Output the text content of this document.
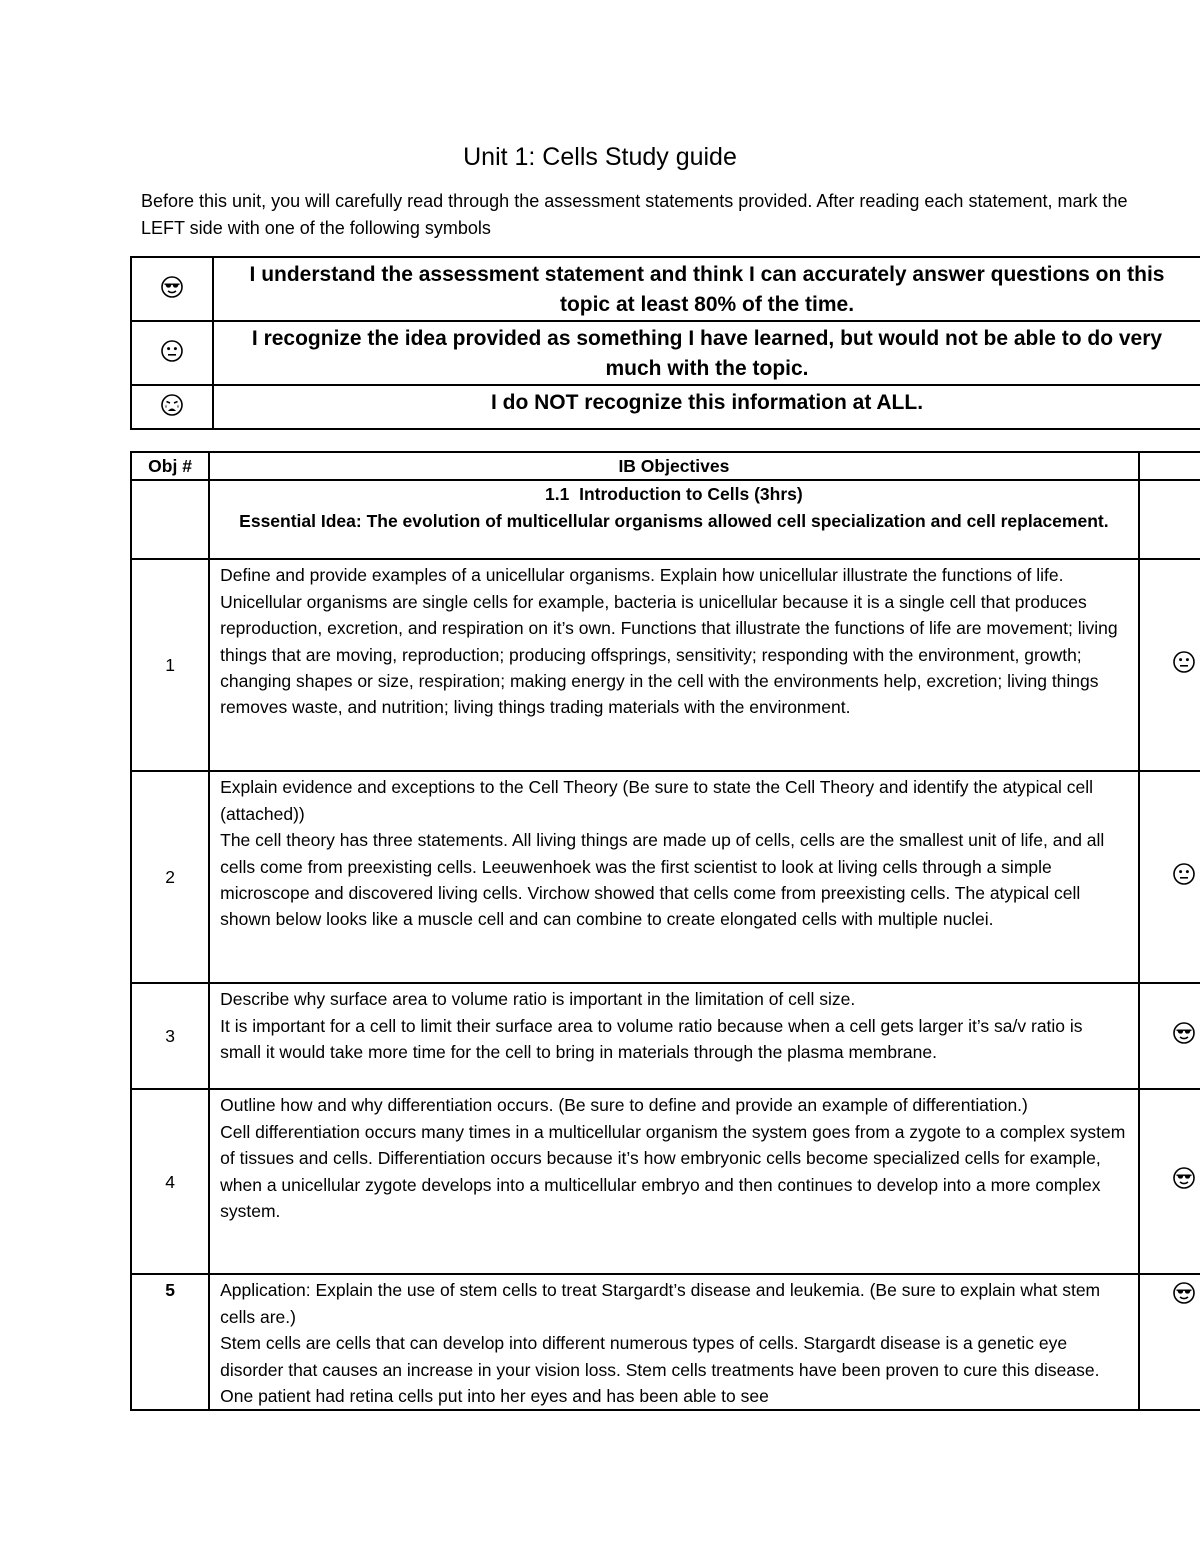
Unit 1: Cells Study guide
Before this unit, you will carefully read through the assessment statements provided. After reading each statement, mark the LEFT side with one of the following symbols
	I understand the assessment statement and think I can accurately answer questions on this topic at least 80% of the time.

	I recognize the idea provided as something I have learned, but would not be able to do very much with the topic.

	I do NOT recognize this information at ALL.
Obj #	IB Objectives	

	1.1  Introduction to Cells (3hrs)
Essential Idea: The evolution of multicellular organisms allowed cell specialization and cell replacement.	

1	Define and provide examples of a unicellular organisms. Explain how unicellular illustrate the functions of life.
Unicellular organisms are single cells for example, bacteria is unicellular because it is a single cell that produces reproduction, excretion, and respiration on it’s own. Functions that illustrate the functions of life are movement; living things that are moving, reproduction; producing offsprings, sensitivity; responding with the environment, growth; changing shapes or size, respiration; making energy in the cell with the environments help, excretion; living things removes waste, and nutrition; living things trading materials with the environment.

2	Explain evidence and exceptions to the Cell Theory (Be sure to state the Cell Theory and identify the atypical cell (attached))
The cell theory has three statements. All living things are made up of cells, cells are the smallest unit of life, and all cells come from preexisting cells. Leeuwenhoek was the first scientist to look at living cells through a simple microscope and discovered living cells. Virchow showed that cells come from preexisting cells. The atypical cell shown below looks like a muscle cell and can combine to create elongated cells with multiple nuclei.

3	Describe why surface area to volume ratio is important in the limitation of cell size.
It is important for a cell to limit their surface area to volume ratio because when a cell gets larger it’s sa/v ratio is small it would take more time for the cell to bring in materials through the plasma membrane.

4	Outline how and why differentiation occurs. (Be sure to define and provide an example of differentiation.)
Cell differentiation occurs many times in a multicellular organism the system goes from a zygote to a complex system of tissues and cells. Differentiation occurs because it’s how embryonic cells become specialized cells for example, when a unicellular zygote develops into a multicellular embryo and then continues to develop into a more complex system.

5	Application: Explain the use of stem cells to treat Stargardt’s disease and leukemia. (Be sure to explain what stem cells are.)
Stem cells are cells that can develop into different numerous types of cells. Stargardt disease is a genetic eye disorder that causes an increase in your vision loss. Stem cells treatments have been proven to cure this disease. One patient had retina cells put into her eyes and has been able to see
